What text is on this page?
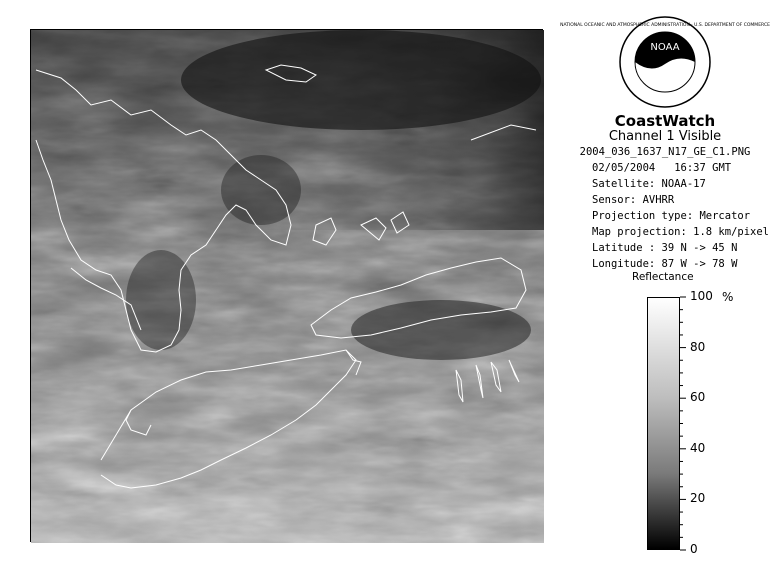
NOAA
NATIONAL OCEANIC AND ATMOSPHERIC ADMINISTRATION · U.S. DEPARTMENT OF COMMERCE
CoastWatch
Channel 1 Visible
2004_036_1637_N17_GE_C1.PNG
02/05/2004 16:37 GMT
Satellite: NOAA-17
Sensor: AVHRR
Projection type: Mercator
Map projection: 1.8 km/pixel
Latitude : 39 N -> 45 N
Longitude: 87 W -> 78 W
Reflectance
100
80
60
40
20
0
%
